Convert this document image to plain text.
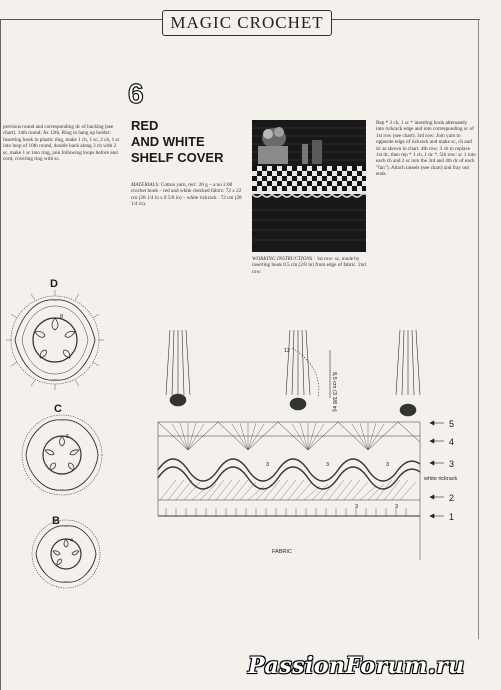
MAGIC CROCHET
previous round and corresponding dc of backing (see chart). 14th round: As 12th. Ring to hang up holder: Inserting hook in plastic ring, make 1 ch, 1 sc, 2 ch, 1 sc into loop of 10th round, double back along 3 ch with 2 sc, make 1 sc into ring, join following loops before and cord, covering ring with sc.
6
RED
AND WHITE
SHELF COVER
MATERIALS: Cotton yarn, red : 20 g – a no 2.00 crochet hook – red and white checked fabric: 72 x 22 cm (28 1/4 in x 8 5/8 in) – white rickrack : 72 cm (28 1/4 in).
WORKING INSTRUCTIONS : 1st row: sc, made by inserting hook 0.5 cm (2/8 in) from edge of fabric. 2nd row:
Rep * 3 ch, 1 sc * inserting hook alternately into rickrack edge and into corresponding sc of 1st row (see chart). 3rd row: Join yarn to opposite edge of rickrack and make sc, ch and dc as shown in chart. 4th row: 3 ch to replace 1st dc, then rep * 1 ch, 1 dc *. 5th row: sc 1 into each ch and 2 sc into the 3rd and 4th dc of each "fan"). Attach tassels (see chart) and fray out ends.
D
8
C
6
B
4
12
8,5 cm (3 3/8 in)
3	3	3
3	3
5
4
3
2
1
white rickrack
FABRIC
PassionForum.ru
